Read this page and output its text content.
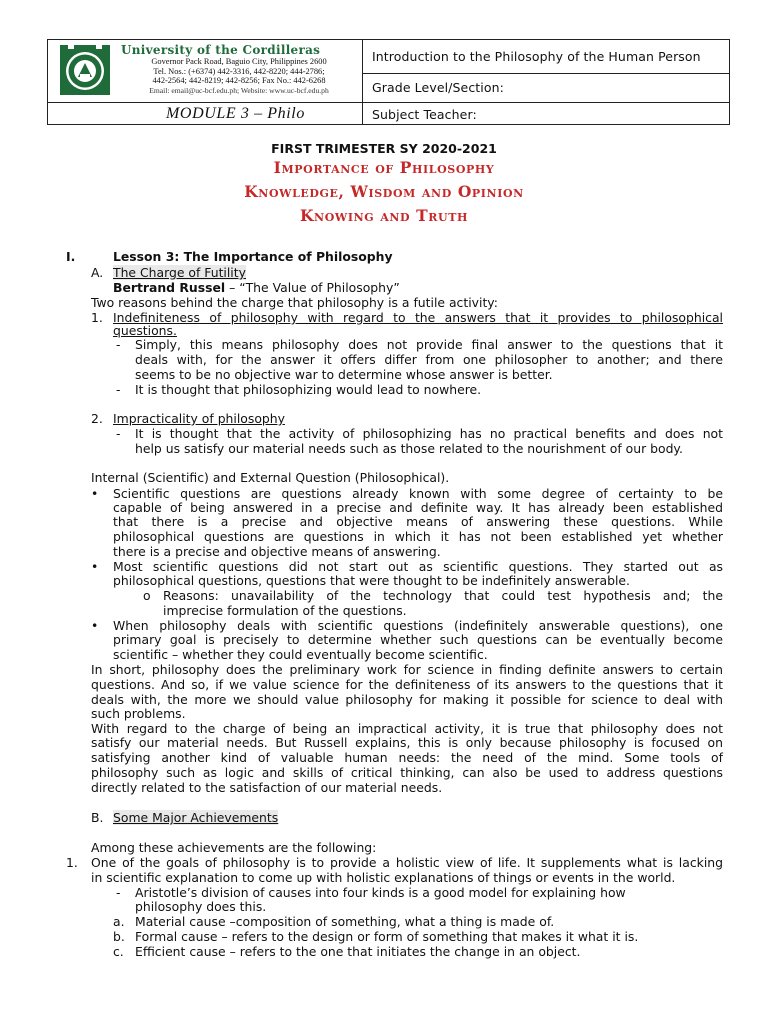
University of the Cordilleras
Governor Pack Road, Baguio City, Philippines 2600
Tel. Nos.: (+6374) 442-3316, 442-8220; 444-2786;
442-2564; 442-8219; 442-8256; Fax No.: 442-6268
Email: email@uc-bcf.edu.ph; Website: www.uc-bcf.edu.ph
MODULE 3 – Philo
Introduction to the Philosophy of the Human Person
Grade Level/Section:
Subject Teacher:
FIRST TRIMESTER SY 2020-2021
Importance of Philosophy
Knowledge, Wisdom and Opinion
Knowing and Truth
I.	Lesson 3: The Importance of Philosophy
A. The Charge of Futility
Bertrand Russel – “The Value of Philosophy”
Two reasons behind the charge that philosophy is a futile activity:
1. Indefiniteness of philosophy with regard to the answers that it provides to philosophical
questions.
- Simply, this means philosophy does not provide final answer to the questions that it
deals with, for the answer it offers differ from one philosopher to another; and there
seems to be no objective war to determine whose answer is better.
- It is thought that philosophizing would lead to nowhere.
2. Impracticality of philosophy
- It is thought that the activity of philosophizing has no practical benefits and does not
help us satisfy our material needs such as those related to the nourishment of our body.
Internal (Scientific) and External Question (Philosophical).
• Scientific questions are questions already known with some degree of certainty to be
capable of being answered in a precise and definite way. It has already been established
that there is a precise and objective means of answering these questions. While
philosophical questions are questions in which it has not been established yet whether
there is a precise and objective means of answering.
• Most scientific questions did not start out as scientific questions. They started out as
philosophical questions, questions that were thought to be indefinitely answerable.
o Reasons: unavailability of the technology that could test hypothesis and; the
imprecise formulation of the questions.
• When philosophy deals with scientific questions (indefinitely answerable questions), one
primary goal is precisely to determine whether such questions can be eventually become
scientific – whether they could eventually become scientific.
In short, philosophy does the preliminary work for science in finding definite answers to certain
questions. And so, if we value science for the definiteness of its answers to the questions that it
deals with, the more we should value philosophy for making it possible for science to deal with
such problems.
With regard to the charge of being an impractical activity, it is true that philosophy does not
satisfy our material needs. But Russell explains, this is only because philosophy is focused on
satisfying another kind of valuable human needs: the need of the mind. Some tools of
philosophy such as logic and skills of critical thinking, can also be used to address questions
directly related to the satisfaction of our material needs.
B. Some Major Achievements
Among these achievements are the following:
1. One of the goals of philosophy is to provide a holistic view of life. It supplements what is lacking
in scientific explanation to come up with holistic explanations of things or events in the world.
- Aristotle’s division of causes into four kinds is a good model for explaining how
philosophy does this.
a. Material cause –composition of something, what a thing is made of.
b. Formal cause – refers to the design or form of something that makes it what it is.
c. Efficient cause – refers to the one that initiates the change in an object.
